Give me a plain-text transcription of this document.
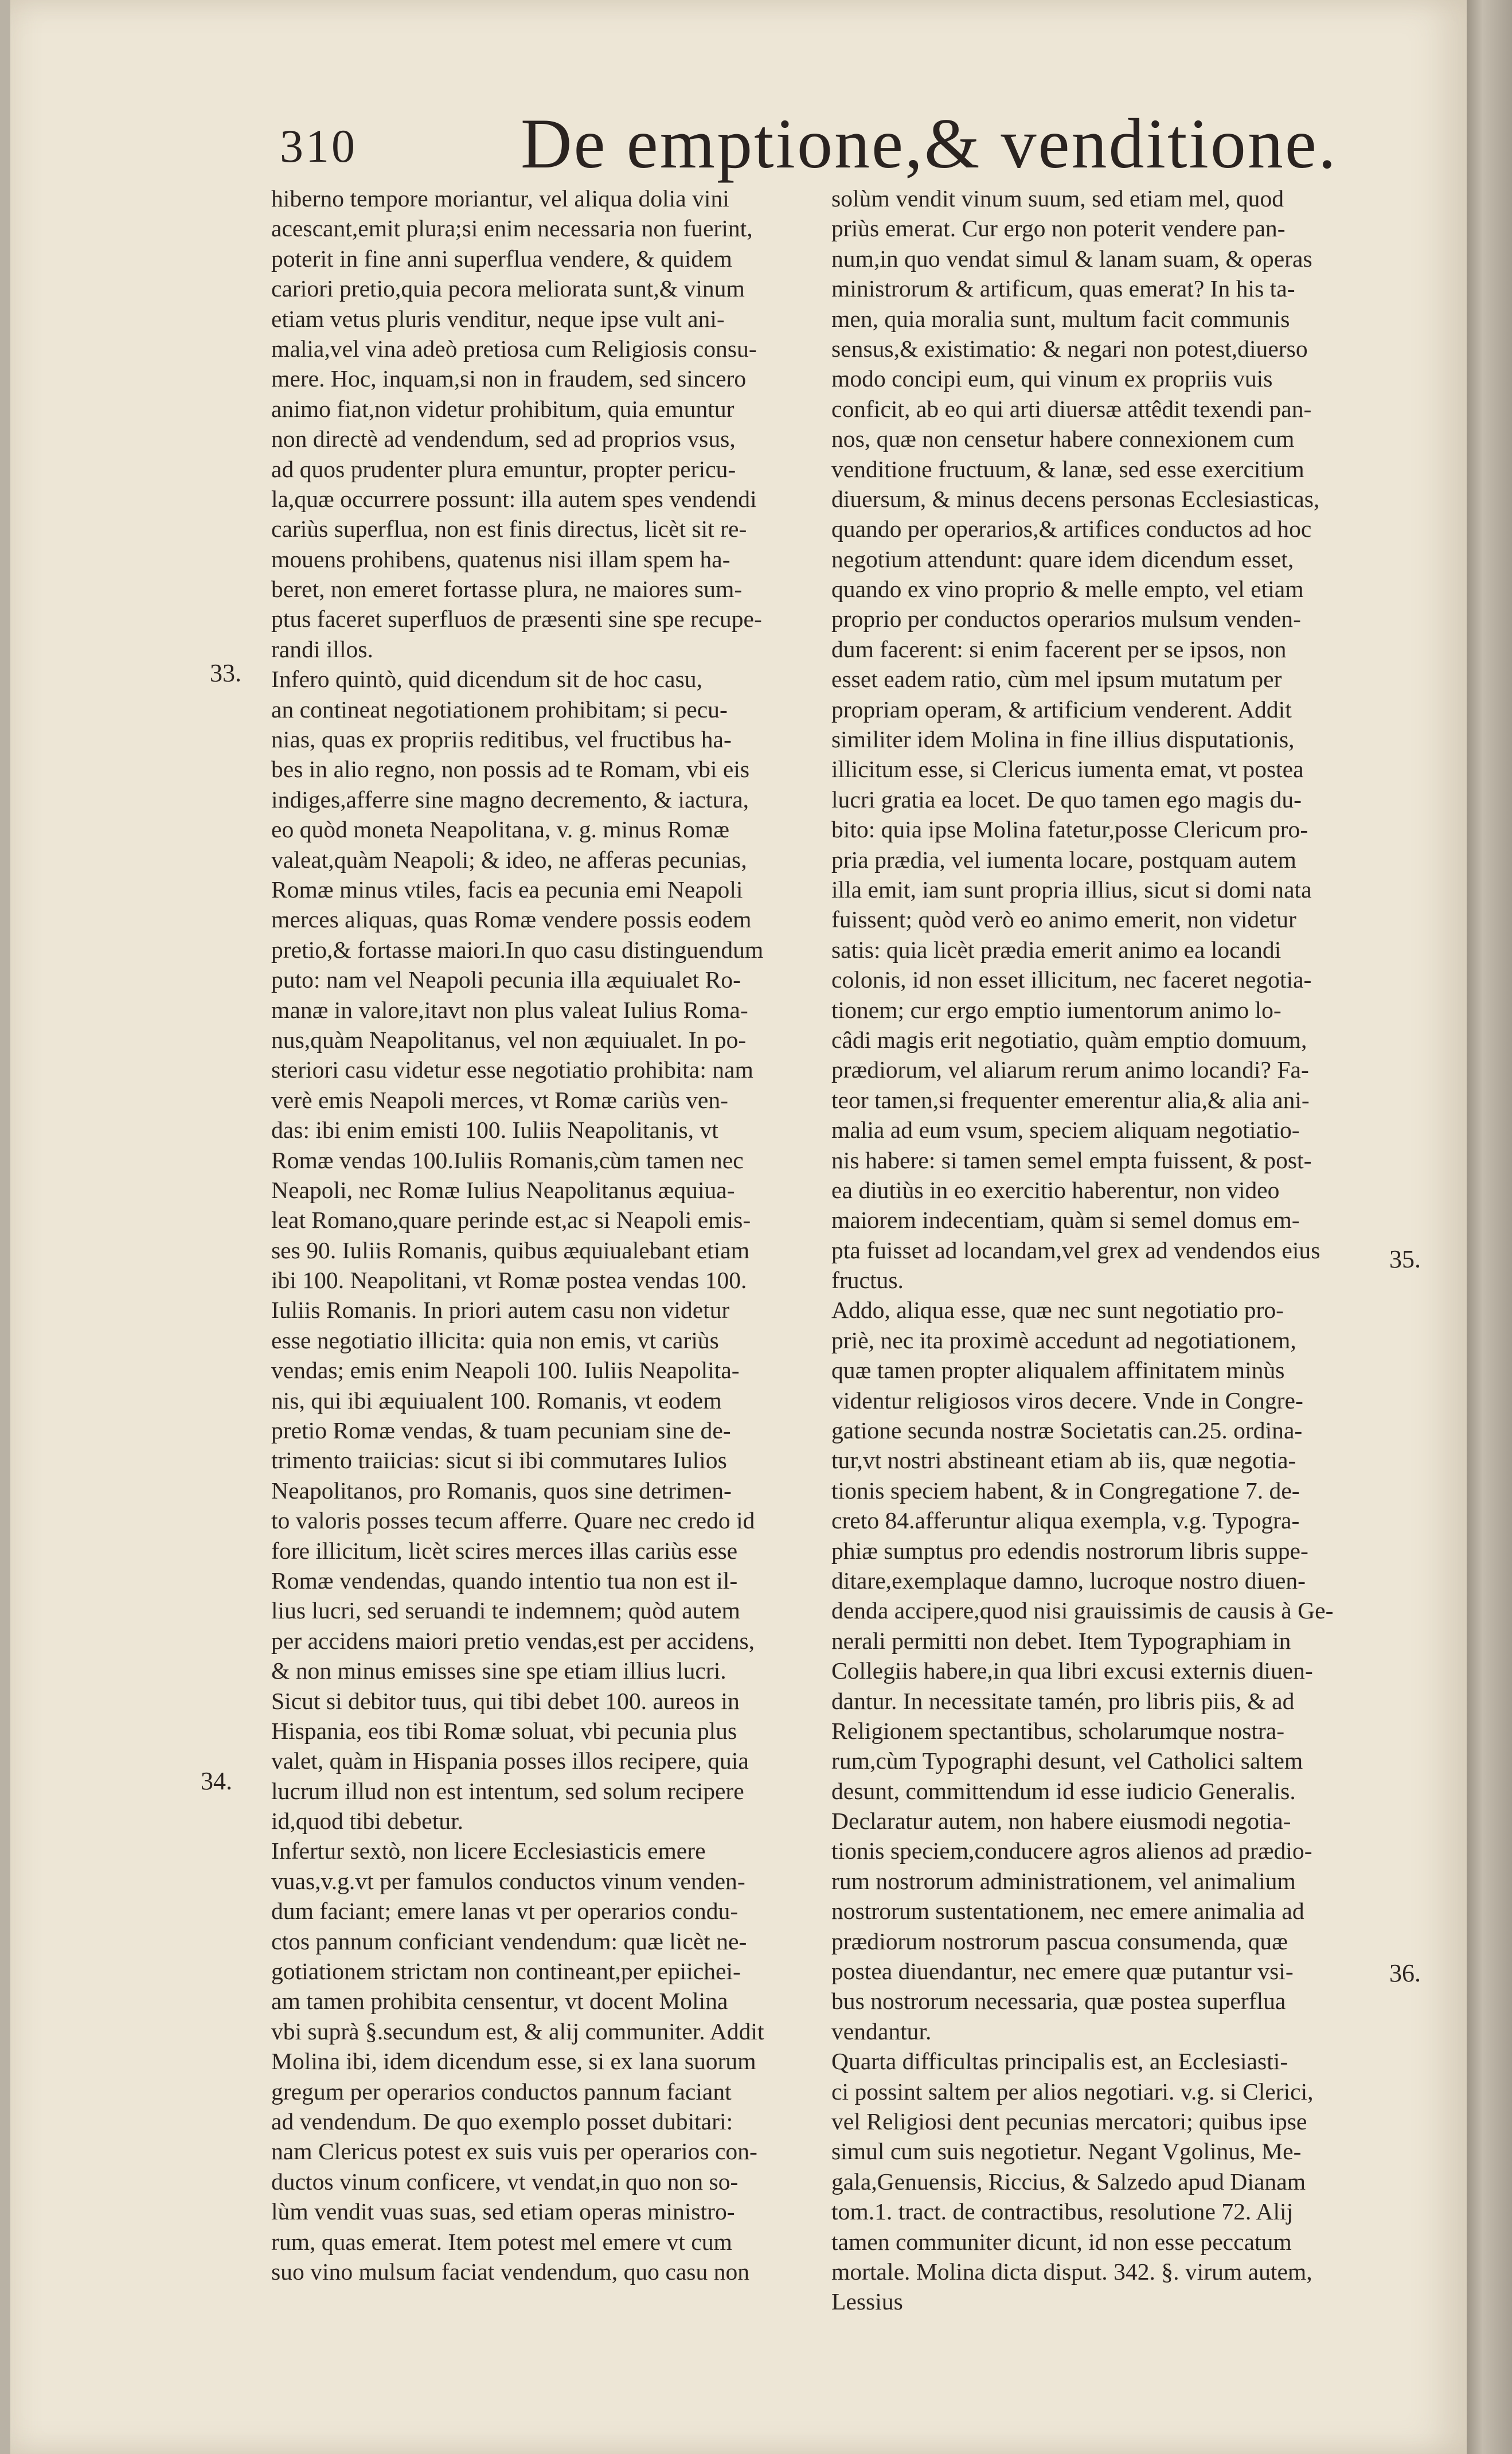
310 De emptione,& venditione.
hiberno tempore moriantur, vel aliqua dolia vini
acescant,emit plura;si enim necessaria non fuerint,
poterit in fine anni superflua vendere, & quidem
cariori pretio,quia pecora meliorata sunt,& vinum
etiam vetus pluris venditur, neque ipse vult ani-
malia,vel vina adeò pretiosa cum Religiosis consu-
mere. Hoc, inquam,si non in fraudem, sed sincero
animo fiat,non videtur prohibitum, quia emuntur
non directè ad vendendum, sed ad proprios vsus,
ad quos prudenter plura emuntur, propter pericu-
la,quæ occurrere possunt: illa autem spes vendendi
cariùs superflua, non est finis directus, licèt sit re-
mouens prohibens, quatenus nisi illam spem ha-
beret, non emeret fortasse plura, ne maiores sum-
ptus faceret superfluos de præsenti sine spe recupe-
randi illos.
Infero quintò, quid dicendum sit de hoc casu,
an contineat negotiationem prohibitam; si pecu-
nias, quas ex propriis reditibus, vel fructibus ha-
bes in alio regno, non possis ad te Romam, vbi eis
indiges,afferre sine magno decremento, & iactura,
eo quòd moneta Neapolitana, v. g. minus Romæ
valeat,quàm Neapoli; & ideo, ne afferas pecunias,
Romæ minus vtiles, facis ea pecunia emi Neapoli
merces aliquas, quas Romæ vendere possis eodem
pretio,& fortasse maiori.In quo casu distinguendum
puto: nam vel Neapoli pecunia illa æquiualet Ro-
manæ in valore,itavt non plus valeat Iulius Roma-
nus,quàm Neapolitanus, vel non æquiualet. In po-
steriori casu videtur esse negotiatio prohibita: nam
verè emis Neapoli merces, vt Romæ cariùs ven-
das: ibi enim emisti 100. Iuliis Neapolitanis, vt
Romæ vendas 100.Iuliis Romanis,cùm tamen nec
Neapoli, nec Romæ Iulius Neapolitanus æquiua-
leat Romano,quare perinde est,ac si Neapoli emis-
ses 90. Iuliis Romanis, quibus æquiualebant etiam
ibi 100. Neapolitani, vt Romæ postea vendas 100.
Iuliis Romanis. In priori autem casu non videtur
esse negotiatio illicita: quia non emis, vt cariùs
vendas; emis enim Neapoli 100. Iuliis Neapolita-
nis, qui ibi æquiualent 100. Romanis, vt eodem
pretio Romæ vendas, & tuam pecuniam sine de-
trimento traiicias: sicut si ibi commutares Iulios
Neapolitanos, pro Romanis, quos sine detrimen-
to valoris posses tecum afferre. Quare nec credo id
fore illicitum, licèt scires merces illas cariùs esse
Romæ vendendas, quando intentio tua non est il-
lius lucri, sed seruandi te indemnem; quòd autem
per accidens maiori pretio vendas,est per accidens,
& non minus emisses sine spe etiam illius lucri.
Sicut si debitor tuus, qui tibi debet 100. aureos in
Hispania, eos tibi Romæ soluat, vbi pecunia plus
valet, quàm in Hispania posses illos recipere, quia
lucrum illud non est intentum, sed solum recipere
id,quod tibi debetur.
Infertur sextò, non licere Ecclesiasticis emere
vuas,v.g.vt per famulos conductos vinum venden-
dum faciant; emere lanas vt per operarios condu-
ctos pannum conficiant vendendum: quæ licèt ne-
gotiationem strictam non contineant,per epiichei-
am tamen prohibita censentur, vt docent Molina
vbi suprà §.secundum est, & alij communiter. Addit
Molina ibi, idem dicendum esse, si ex lana suorum
gregum per operarios conductos pannum faciant
ad vendendum. De quo exemplo posset dubitari:
nam Clericus potest ex suis vuis per operarios con-
ductos vinum conficere, vt vendat,in quo non so-
lùm vendit vuas suas, sed etiam operas ministro-
rum, quas emerat. Item potest mel emere vt cum
suo vino mulsum faciat vendendum, quo casu non
solùm vendit vinum suum, sed etiam mel, quod
priùs emerat. Cur ergo non poterit vendere pan-
num,in quo vendat simul & lanam suam, & operas
ministrorum & artificum, quas emerat? In his ta-
men, quia moralia sunt, multum facit communis
sensus,& existimatio: & negari non potest,diuerso
modo concipi eum, qui vinum ex propriis vuis
conficit, ab eo qui arti diuersæ attêdit texendi pan-
nos, quæ non censetur habere connexionem cum
venditione fructuum, & lanæ, sed esse exercitium
diuersum, & minus decens personas Ecclesiasticas,
quando per operarios,& artifices conductos ad hoc
negotium attendunt: quare idem dicendum esset,
quando ex vino proprio & melle empto, vel etiam
proprio per conductos operarios mulsum venden-
dum facerent: si enim facerent per se ipsos, non
esset eadem ratio, cùm mel ipsum mutatum per
propriam operam, & artificium venderent. Addit
similiter idem Molina in fine illius disputationis,
illicitum esse, si Clericus iumenta emat, vt postea
lucri gratia ea locet. De quo tamen ego magis du-
bito: quia ipse Molina fatetur,posse Clericum pro-
pria prædia, vel iumenta locare, postquam autem
illa emit, iam sunt propria illius, sicut si domi nata
fuissent; quòd verò eo animo emerit, non videtur
satis: quia licèt prædia emerit animo ea locandi
colonis, id non esset illicitum, nec faceret negotia-
tionem; cur ergo emptio iumentorum animo lo-
câdi magis erit negotiatio, quàm emptio domuum,
prædiorum, vel aliarum rerum animo locandi? Fa-
teor tamen,si frequenter emerentur alia,& alia ani-
malia ad eum vsum, speciem aliquam negotiatio-
nis habere: si tamen semel empta fuissent, & post-
ea diutiùs in eo exercitio haberentur, non video
maiorem indecentiam, quàm si semel domus em-
pta fuisset ad locandam,vel grex ad vendendos eius
fructus.
Addo, aliqua esse, quæ nec sunt negotiatio pro-
priè, nec ita proximè accedunt ad negotiationem,
quæ tamen propter aliqualem affinitatem minùs
videntur religiosos viros decere. Vnde in Congre-
gatione secunda nostræ Societatis can.25. ordina-
tur,vt nostri abstineant etiam ab iis, quæ negotia-
tionis speciem habent, & in Congregatione 7. de-
creto 84.afferuntur aliqua exempla, v.g. Typogra-
phiæ sumptus pro edendis nostrorum libris suppe-
ditare,exemplaque damno, lucroque nostro diuen-
denda accipere,quod nisi grauissimis de causis à Ge-
nerali permitti non debet. Item Typographiam in
Collegiis habere,in qua libri excusi externis diuen-
dantur. In necessitate tamén, pro libris piis, & ad
Religionem spectantibus, scholarumque nostra-
rum,cùm Typographi desunt, vel Catholici saltem
desunt, committendum id esse iudicio Generalis.
Declaratur autem, non habere eiusmodi negotia-
tionis speciem,conducere agros alienos ad prædio-
rum nostrorum administrationem, vel animalium
nostrorum sustentationem, nec emere animalia ad
prædiorum nostrorum pascua consumenda, quæ
postea diuendantur, nec emere quæ putantur vsi-
bus nostrorum necessaria, quæ postea superflua
vendantur.
Quarta difficultas principalis est, an Ecclesiasti-
ci possint saltem per alios negotiari. v.g. si Clerici,
vel Religiosi dent pecunias mercatori; quibus ipse
simul cum suis negotietur. Negant Vgolinus, Me-
gala,Genuensis, Riccius, & Salzedo apud Dianam
tom.1. tract. de contractibus, resolutione 72. Alij
tamen communiter dicunt, id non esse peccatum
mortale. Molina dicta disput. 342. §. virum autem,
Lessius
33.
34.
35.
36.
